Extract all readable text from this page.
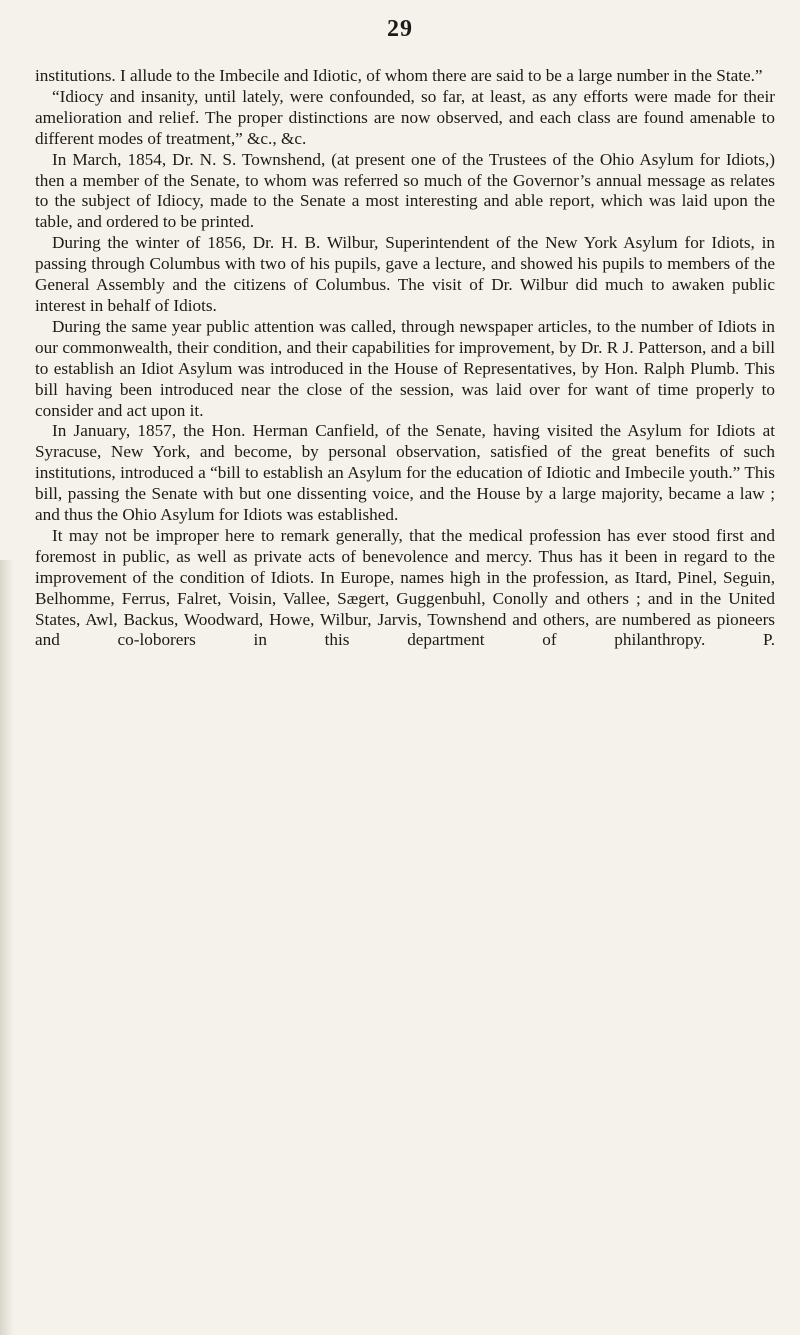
29

institutions. I allude to the Imbecile and Idiotic, of whom there are said to be a large number in the State.”

“Idiocy and insanity, until lately, were confounded, so far, at least, as any efforts were made for their amelioration and relief. The proper distinctions are now observed, and each class are found amenable to different modes of treatment,” &c., &c.

In March, 1854, Dr. N. S. Townshend, (at present one of the Trustees of the Ohio Asylum for Idiots,) then a member of the Senate, to whom was referred so much of the Governor’s annual message as relates to the subject of Idiocy, made to the Senate a most interesting and able report, which was laid upon the table, and ordered to be printed.

During the winter of 1856, Dr. H. B. Wilbur, Superintendent of the New York Asylum for Idiots, in passing through Columbus with two of his pupils, gave a lecture, and showed his pupils to members of the General Assembly and the citizens of Columbus. The visit of Dr. Wilbur did much to awaken public interest in behalf of Idiots.

During the same year public attention was called, through newspaper articles, to the number of Idiots in our commonwealth, their condition, and their capabilities for improvement, by Dr. R J. Patterson, and a bill to establish an Idiot Asylum was introduced in the House of Representatives, by Hon. Ralph Plumb. This bill having been introduced near the close of the session, was laid over for want of time properly to consider and act upon it.

In January, 1857, the Hon. Herman Canfield, of the Senate, having visited the Asylum for Idiots at Syracuse, New York, and become, by personal observation, satisfied of the great benefits of such institutions, introduced a “bill to establish an Asylum for the education of Idiotic and Imbecile youth.” This bill, passing the Senate with but one dissenting voice, and the House by a large majority, became a law ; and thus the Ohio Asylum for Idiots was established.

It may not be improper here to remark generally, that the medical profession has ever stood first and foremost in public, as well as private acts of benevolence and mercy. Thus has it been in regard to the improvement of the condition of Idiots. In Europe, names high in the profession, as Itard, Pinel, Seguin, Belhomme, Ferrus, Falret, Voisin, Vallee, Sægert, Guggenbuhl, Conolly and others ; and in the United States, Awl, Backus, Woodward, Howe, Wilbur, Jarvis, Townshend and others, are numbered as pioneers and co-loborers in this department of philanthropy.	P.
